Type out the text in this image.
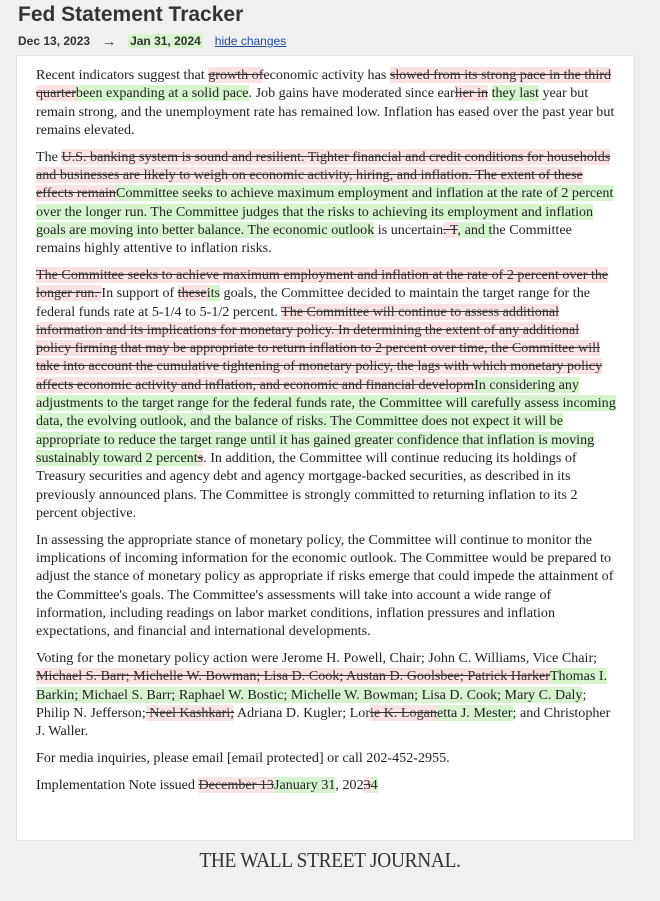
Fed Statement Tracker
Dec 13, 2023 →	Jan 31, 2024 hide changes

Recent indicators suggest that growth ofeconomic activity has slowed from its strong pace in the third quarterbeen expanding at a solid pace. Job gains have moderated since earlier in they last year but remain strong, and the unemployment rate has remained low. Inflation has eased over the past year but remains elevated.

The U.S. banking system is sound and resilient. Tighter financial and credit conditions for households and businesses are likely to weigh on economic activity, hiring, and inflation. The extent of these effects remainCommittee seeks to achieve maximum employment and inflation at the rate of 2 percent over the longer run. The Committee judges that the risks to achieving its employment and inflation goals are moving into better balance. The economic outlook is uncertain. T, and the Committee remains highly attentive to inflation risks.

The Committee seeks to achieve maximum employment and inflation at the rate of 2 percent over the longer run. In support of theseits goals, the Committee decided to maintain the target range for the federal funds rate at 5-1/4 to 5-1/2 percent. The Committee will continue to assess additional information and its implications for monetary policy. In determining the extent of any additional policy firming that may be appropriate to return inflation to 2 percent over time, the Committee will take into account the cumulative tightening of monetary policy, the lags with which monetary policy affects economic activity and inflation, and economic and financial developmIn considering any adjustments to the target range for the federal funds rate, the Committee will carefully assess incoming data, the evolving outlook, and the balance of risks. The Committee does not expect it will be appropriate to reduce the target range until it has gained greater confidence that inflation is moving sustainably toward 2 percents. In addition, the Committee will continue reducing its holdings of Treasury securities and agency debt and agency mortgage-backed securities, as described in its previously announced plans. The Committee is strongly committed to returning inflation to its 2 percent objective.

In assessing the appropriate stance of monetary policy, the Committee will continue to monitor the implications of incoming information for the economic outlook. The Committee would be prepared to adjust the stance of monetary policy as appropriate if risks emerge that could impede the attainment of the Committee's goals. The Committee's assessments will take into account a wide range of information, including readings on labor market conditions, inflation pressures and inflation expectations, and financial and international developments.

Voting for the monetary policy action were Jerome H. Powell, Chair; John C. Williams, Vice Chair; Michael S. Barr; Michelle W. Bowman; Lisa D. Cook; Austan D. Goolsbee; Patrick HarkerThomas I. Barkin; Michael S. Barr; Raphael W. Bostic; Michelle W. Bowman; Lisa D. Cook; Mary C. Daly; Philip N. Jefferson; Neel Kashkari; Adriana D. Kugler; Lorie K. Loganetta J. Mester; and Christopher J. Waller.

For media inquiries, please email [email protected] or call 202-452-2955.

Implementation Note issued December 13January 31, 20234

THE WALL STREET JOURNAL.
